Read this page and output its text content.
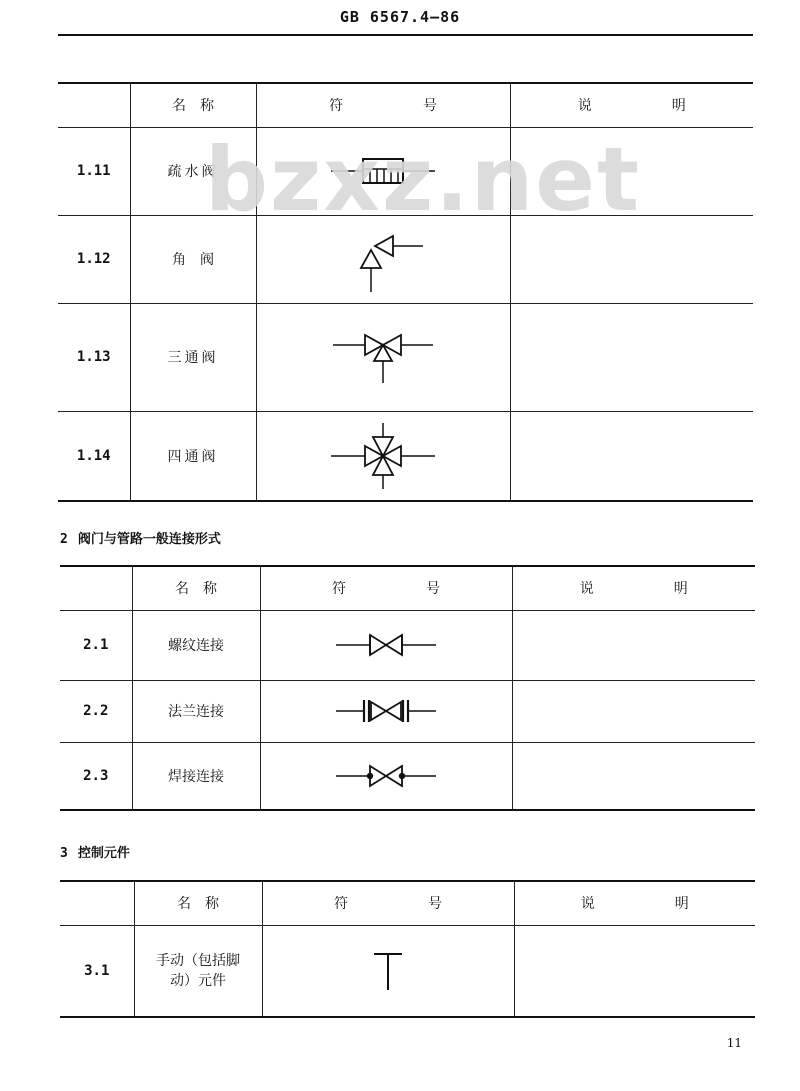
GB 6567.4—86
	名　称	符 号	说 明
1.11	疏水阀	

1.12	角　阀	

1.13	三通阀	

1.14	四通阀	

bzxz.net
2 阀门与管路一般连接形式
	名　称	符 号	说 明
2.1	螺纹连接	

2.2	法兰连接	

2.3	焊接连接	

3 控制元件
	名　称	符 号	说 明
3.1	手动（包括脚
动）元件

11
